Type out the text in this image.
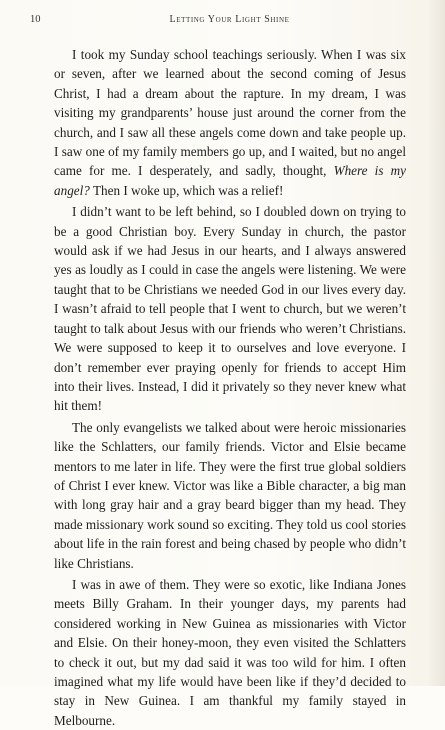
10	Letting Your Light Shine

I took my Sunday school teachings seriously. When I was six or seven, after we learned about the second coming of Jesus Christ, I had a dream about the rapture. In my dream, I was visiting my grandparents’ house just around the corner from the church, and I saw all these angels come down and take people up. I saw one of my family members go up, and I waited, but no angel came for me. I desperately, and sadly, thought, Where is my angel? Then I woke up, which was a relief!

I didn’t want to be left behind, so I doubled down on trying to be a good Christian boy. Every Sunday in church, the pastor would ask if we had Jesus in our hearts, and I always answered yes as loudly as I could in case the angels were listening. We were taught that to be Christians we needed God in our lives every day. I wasn’t afraid to tell people that I went to church, but we weren’t taught to talk about Jesus with our friends who weren’t Christians. We were supposed to keep it to ourselves and love everyone. I don’t remember ever praying openly for friends to accept Him into their lives. Instead, I did it privately so they never knew what hit them!

The only evangelists we talked about were heroic missionaries like the Schlatters, our family friends. Victor and Elsie became mentors to me later in life. They were the first true global soldiers of Christ I ever knew. Victor was like a Bible character, a big man with long gray hair and a gray beard bigger than my head. They made missionary work sound so exciting. They told us cool stories about life in the rain forest and being chased by people who didn’t like Christians.

I was in awe of them. They were so exotic, like Indiana Jones meets Billy Graham. In their younger days, my parents had considered working in New Guinea as missionaries with Victor and Elsie. On their honey-moon, they even visited the Schlatters to check it out, but my dad said it was too wild for him. I often imagined what my life would have been like if they’d decided to stay in New Guinea. I am thankful my family stayed in Melbourne.
